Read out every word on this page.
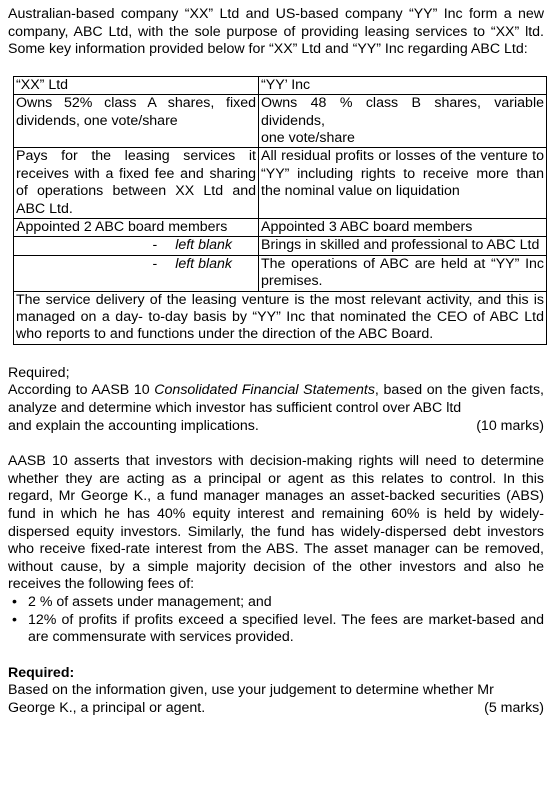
Australian-based company “XX” Ltd and US-based company “YY” Inc form a new company, ABC Ltd, with the sole purpose of providing leasing services to “XX” ltd. Some key information provided below for “XX” Ltd and “YY” Inc regarding ABC Ltd:

“XX” Ltd	“YY’ Inc
Owns 52% class A shares, fixed dividends, one vote/share	Owns 48 % class B shares, variable dividends,
one vote/share

Pays for the leasing services it receives with a fixed fee and sharing of operations between XX Ltd and ABC Ltd.	All residual profits or losses of the venture to “YY” including rights to receive more than the nominal value on liquidation
Appointed 2 ABC board members	Appointed 3 ABC board members
- left blank	Brings in skilled and professional to ABC Ltd
- left blank	The operations of ABC are held at “YY” Inc premises.
The service delivery of the leasing venture is the most relevant activity, and this is managed on a day- to-day basis by “YY” Inc that nominated the CEO of ABC Ltd who reports to and functions under the direction of the ABC Board.	

Required;

According to AASB 10 Consolidated Financial Statements, based on the given facts, analyze and determine which investor has sufficient control over ABC ltd

and explain the accounting implications.	(10 marks)

AASB 10 asserts that investors with decision-making rights will need to determine whether they are acting as a principal or agent as this relates to control. In this regard, Mr George K., a fund manager manages an asset-backed securities (ABS) fund in which he has 40% equity interest and remaining 60% is held by widely-dispersed equity investors. Similarly, the fund has widely-dispersed debt investors who receive fixed-rate interest from the ABS. The asset manager can be removed, without cause, by a simple majority decision of the other investors and also he receives the following fees of:

• 2 % of assets under management; and
• 12% of profits if profits exceed a specified level. The fees are market-based and are commensurate with services provided.

Required:

Based on the information given, use your judgement to determine whether Mr

George K., a principal or agent.	(5 marks)
